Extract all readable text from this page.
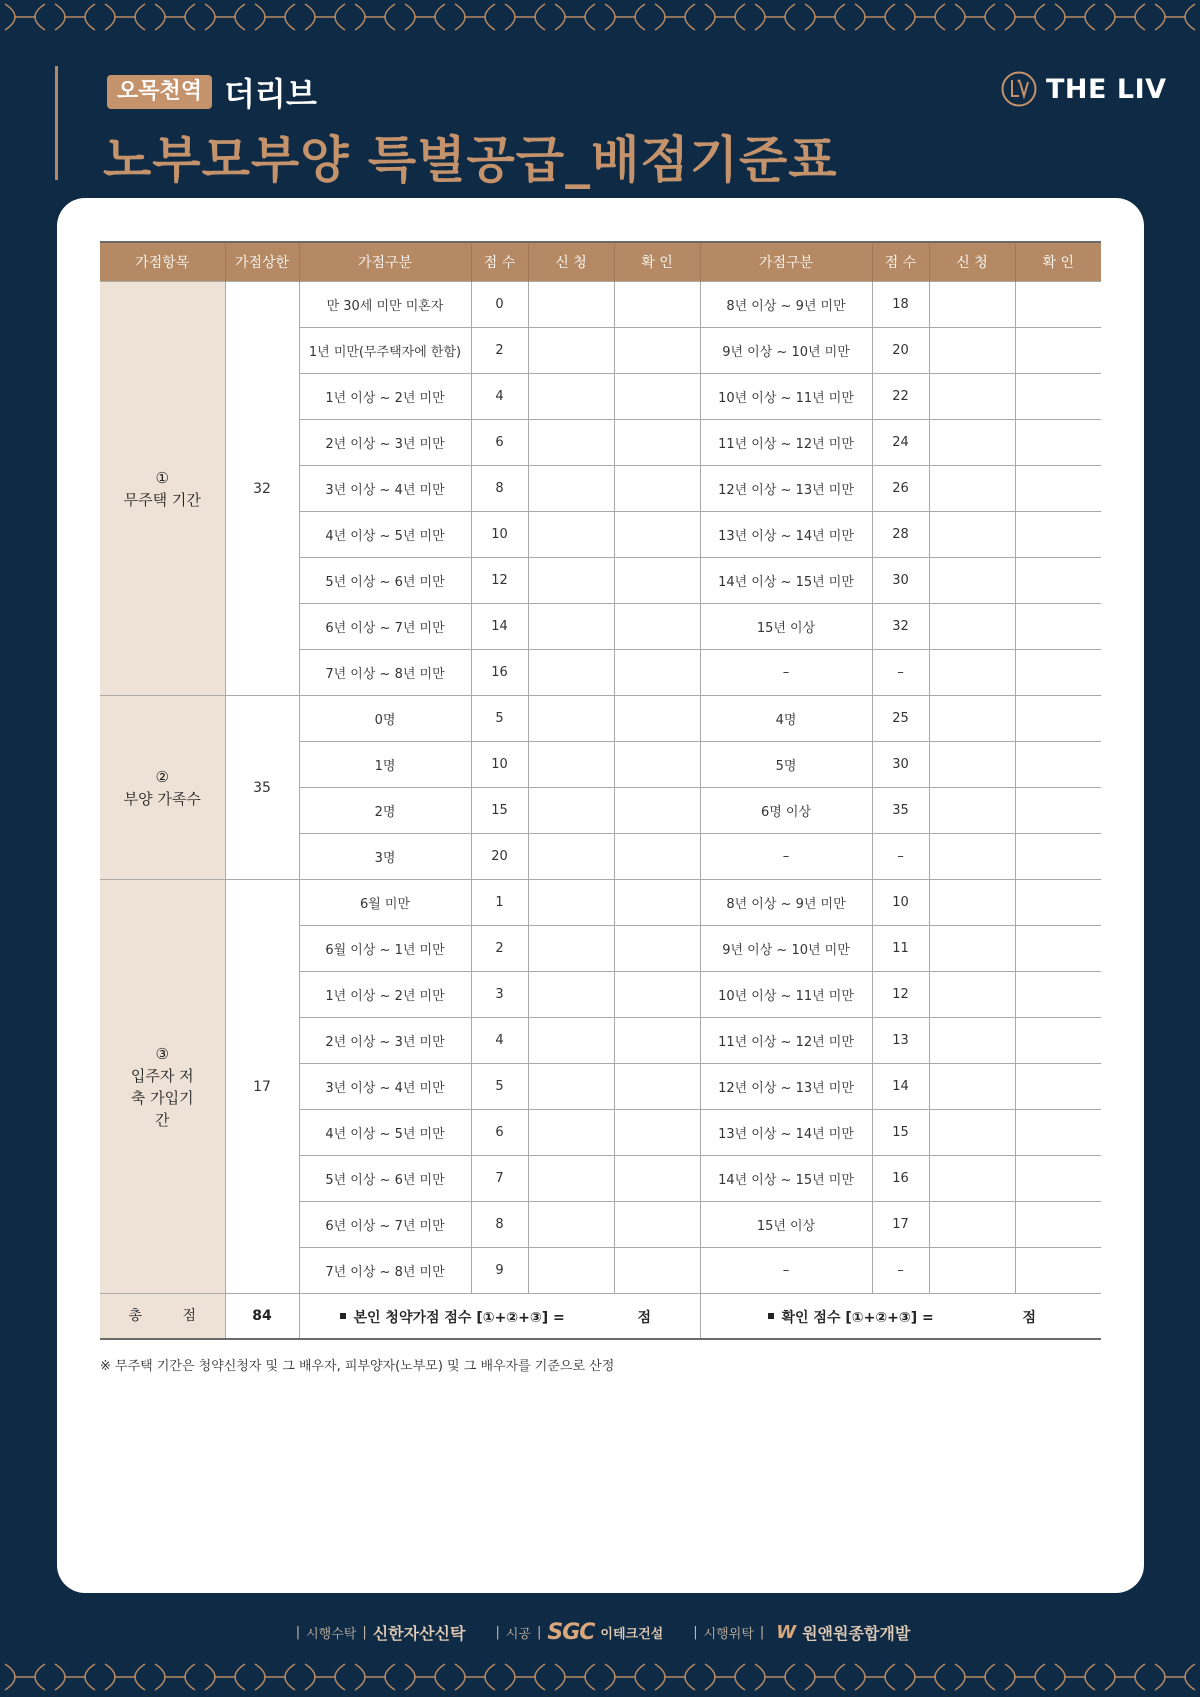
오목천역 더리브
노부모부양 특별공급_배점기준표
THE LIV
가점항목	가점상한	가점구분	점 수	신 청	확 인	가점구분	점 수	신 청	확 인

①
무주택 기간	32	만 30세 미만 미혼자	0			8년 이상 ~ 9년 미만	18		
		1년 미만(무주택자에 한함)	2			9년 이상 ~ 10년 미만	20		
		1년 이상 ~ 2년 미만	4			10년 이상 ~ 11년 미만	22		
		2년 이상 ~ 3년 미만	6			11년 이상 ~ 12년 미만	24		
		3년 이상 ~ 4년 미만	8			12년 이상 ~ 13년 미만	26		
		4년 이상 ~ 5년 미만	10			13년 이상 ~ 14년 미만	28		
		5년 이상 ~ 6년 미만	12			14년 이상 ~ 15년 미만	30		
		6년 이상 ~ 7년 미만	14			15년 이상	32		
		7년 이상 ~ 8년 미만	16			–	–		

②
부양 가족수	35	0명	5			4명	25		
		1명	10			5명	30		
		2명	15			6명 이상	35		
		3명	20			–	–		

③
입주자 저축 가입기간	17	6월 미만	1			8년 이상 ~ 9년 미만	10		
		6월 이상 ~ 1년 미만	2			9년 이상 ~ 10년 미만	11		
		1년 이상 ~ 2년 미만	3			10년 이상 ~ 11년 미만	12		
		2년 이상 ~ 3년 미만	4			11년 이상 ~ 12년 미만	13		
		3년 이상 ~ 4년 미만	5			12년 이상 ~ 13년 미만	14		
		4년 이상 ~ 5년 미만	6			13년 이상 ~ 14년 미만	15		
		5년 이상 ~ 6년 미만	7			14년 이상 ~ 15년 미만	16		
		6년 이상 ~ 7년 미만	8			15년 이상	17		
		7년 이상 ~ 8년 미만	9			–	–		
총 점	84	본인 청약가점 점수 [①+②+③] = 점				확인 점수 [①+②+③] = 점			
※ 무주택 기간은 청약신청자 및 그 배우자, 피부양자(노부모) 및 그 배우자를 기준으로 산정
| 시행수탁 | 신한자산신탁 | 시공 | SGC 이테크건설 | 시행위탁 | W 원앤원종합개발
